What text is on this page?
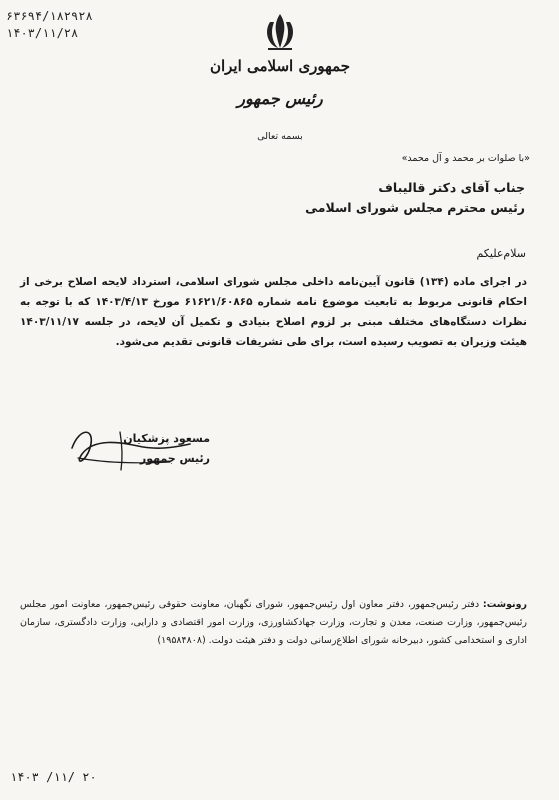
۶۳۶۹۴/۱۸۲۹۲۸
۱۴۰۳/۱۱/۲۸
جمهوری اسلامی ایران
رئیس جمهور
بسمه تعالی
«با صلوات بر محمد و آل محمد»
جناب آقای دکتر قالیباف
رئیس محترم مجلس شورای اسلامی
سلام‌علیکم

در اجرای ماده (۱۳۴) قانون آیین‌نامه داخلی مجلس شورای اسلامی، استرداد لایحه اصلاح برخی از احکام قانونی مربوط به تابعیت موضوع نامه شماره ۶۱۶۲۱/۶۰۸۶۵ مورخ ۱۴۰۳/۴/۱۳ که با توجه به نظرات دستگاه‌های مختلف مبنی بر لزوم اصلاح بنیادی و تکمیل آن لایحه، در جلسه ۱۴۰۳/۱۱/۱۷ هیئت وزیران به تصویب رسیده است، برای طی تشریفات قانونی تقدیم می‌شود.

مسعود پزشکیان
رئیس جمهور
رونوشت: دفتر رئیس‌جمهور، دفتر معاون اول رئیس‌جمهور، شورای نگهبان، معاونت حقوقی رئیس‌جمهور، معاونت امور مجلس رئیس‌جمهور، وزارت صنعت، معدن و تجارت، وزارت جهادکشاورزی، وزارت امور اقتصادی و دارایی، وزارت دادگستری، سازمان اداری و استخدامی کشور، دبیرخانه شورای اطلاع‌رسانی دولت و دفتر هیئت دولت. (۱۹۵۸۴۸۰۸)
۱۴۰۳ /۱۱/ ۲۰
